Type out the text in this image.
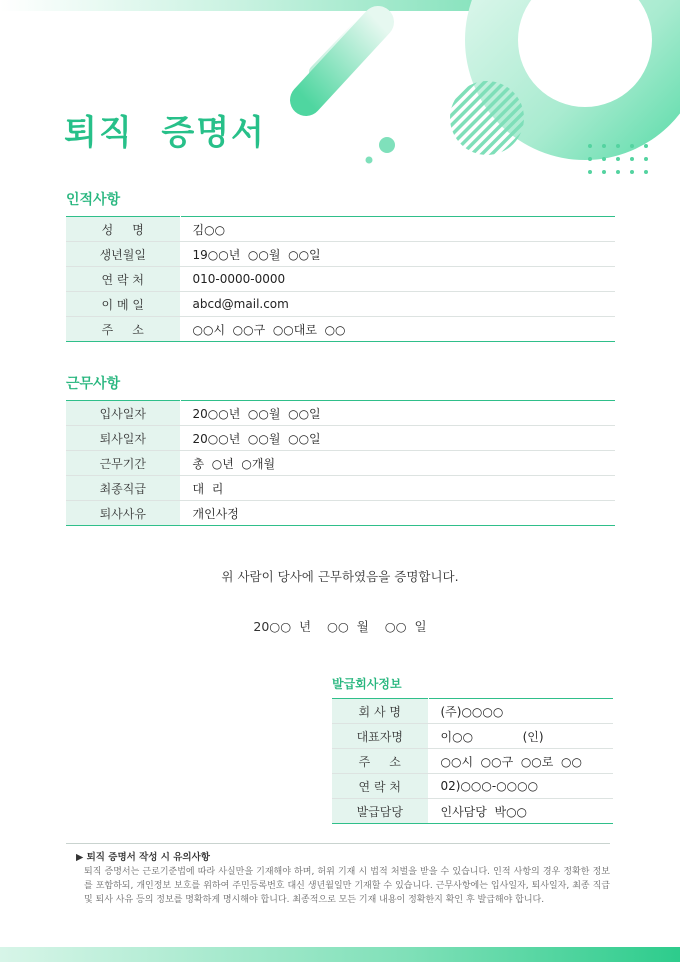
퇴직  증명서
인적사항
성     명	김○○
생년월일	19○○년  ○○월  ○○일
연 락 처	010-0000-0000
이 메 일	abcd@mail.com
주     소	○○시  ○○구  ○○대로  ○○
근무사항
입사일자	20○○년  ○○월  ○○일
퇴사일자	20○○년  ○○월  ○○일
근무기간	총  ○년  ○개월
최종직급	대  리
퇴사사유	개인사정

위 사람이 당사에 근무하였음을 증명합니다.

20○○  년    ○○  월    ○○  일

발급회사정보
회 사 명	(주)○○○○
대표자명	이○○             (인)
주     소	○○시  ○○구  ○○로  ○○
연 락 처	02)○○○-○○○○
발급담당	인사담당  박○○

▶ 퇴직 증명서 작성 시 유의사항

퇴직 증명서는 근로기준법에 따라 사실만을 기재해야 하며, 허위 기재 시 법적 처벌을 받을 수 있습니다. 인적 사항의 경우 정확한 정보를 포함하되, 개인정보 보호를 위하여 주민등록번호 대신 생년월일만 기재할 수 있습니다. 근무사항에는 입사일자, 퇴사일자, 최종 직급 및 퇴사 사유 등의 정보를 명확하게 명시해야 합니다. 최종적으로 모든 기재 내용이 정확한지 확인 후 발급해야 합니다.
